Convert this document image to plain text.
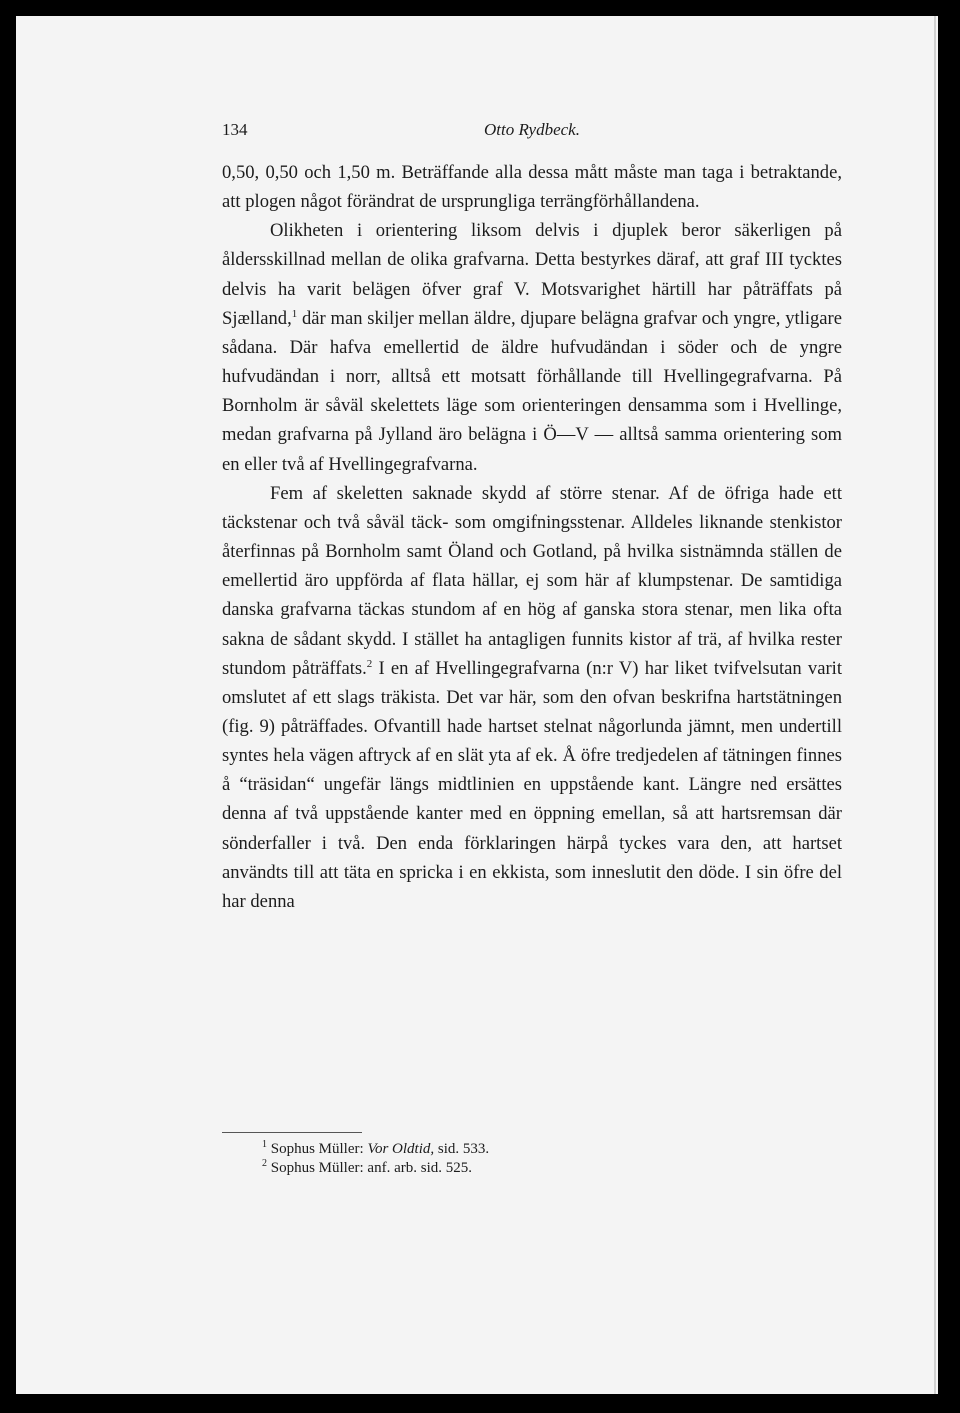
134	Otto Rydbeck.

0,50, 0,50 och 1,50 m. Beträffande alla dessa mått måste man taga i betraktande, att plogen något förändrat de ursprungliga terrängförhållandena.

Olikheten i orientering liksom delvis i djuplek beror säkerligen på åldersskillnad mellan de olika grafvarna. Detta bestyrkes däraf, att graf III tycktes delvis ha varit belägen öfver graf V. Motsvarighet härtill har påträffats på Sjælland,$^1$ där man skiljer mellan äldre, djupare belägna grafvar och yngre, ytligare sådana. Där hafva emellertid de äldre hufvudändan i söder och de yngre hufvudändan i norr, alltså ett motsatt förhållande till Hvellingegrafvarna. På Bornholm är såväl skelettets läge som orienteringen densamma som i Hvellinge, medan grafvarna på Jylland äro belägna i Ö—V — alltså samma orientering som en eller två af Hvellingegrafvarna.

Fem af skeletten saknade skydd af större stenar. Af de öfriga hade ett täckstenar och två såväl täck- som omgifningsstenar. Alldeles liknande stenkistor återfinnas på Bornholm samt Öland och Gotland, på hvilka sistnämnda ställen de emellertid äro uppförda af flata hällar, ej som här af klumpstenar. De samtidiga danska grafvarna täckas stundom af en hög af ganska stora stenar, men lika ofta sakna de sådant skydd. I stället ha antagligen funnits kistor af trä, af hvilka rester stundom påträffats.$^2$ I en af Hvellingegrafvarna (n:r V) har liket tvifvelsutan varit omslutet af ett slags träkista. Det var här, som den ofvan beskrifna hartstätningen (fig. 9) påträffades. Ofvantill hade hartset stelnat någorlunda jämnt, men undertill syntes hela vägen aftryck af en slät yta af ek. Å öfre tredjedelen af tätningen finnes å “träsidan“ ungefär längs midtlinien en uppstående kant. Längre ned ersättes denna af två uppstående kanter med en öppning emellan, så att hartsremsan där sönderfaller i två. Den enda förklaringen härpå tyckes vara den, att hartset användts till att täta en spricka i en ekkista, som inneslutit den döde. I sin öfre del har denna

$^1$ Sophus Müller: Vor Oldtid, sid. 533.
$^2$ Sophus Müller: anf. arb. sid. 525.
